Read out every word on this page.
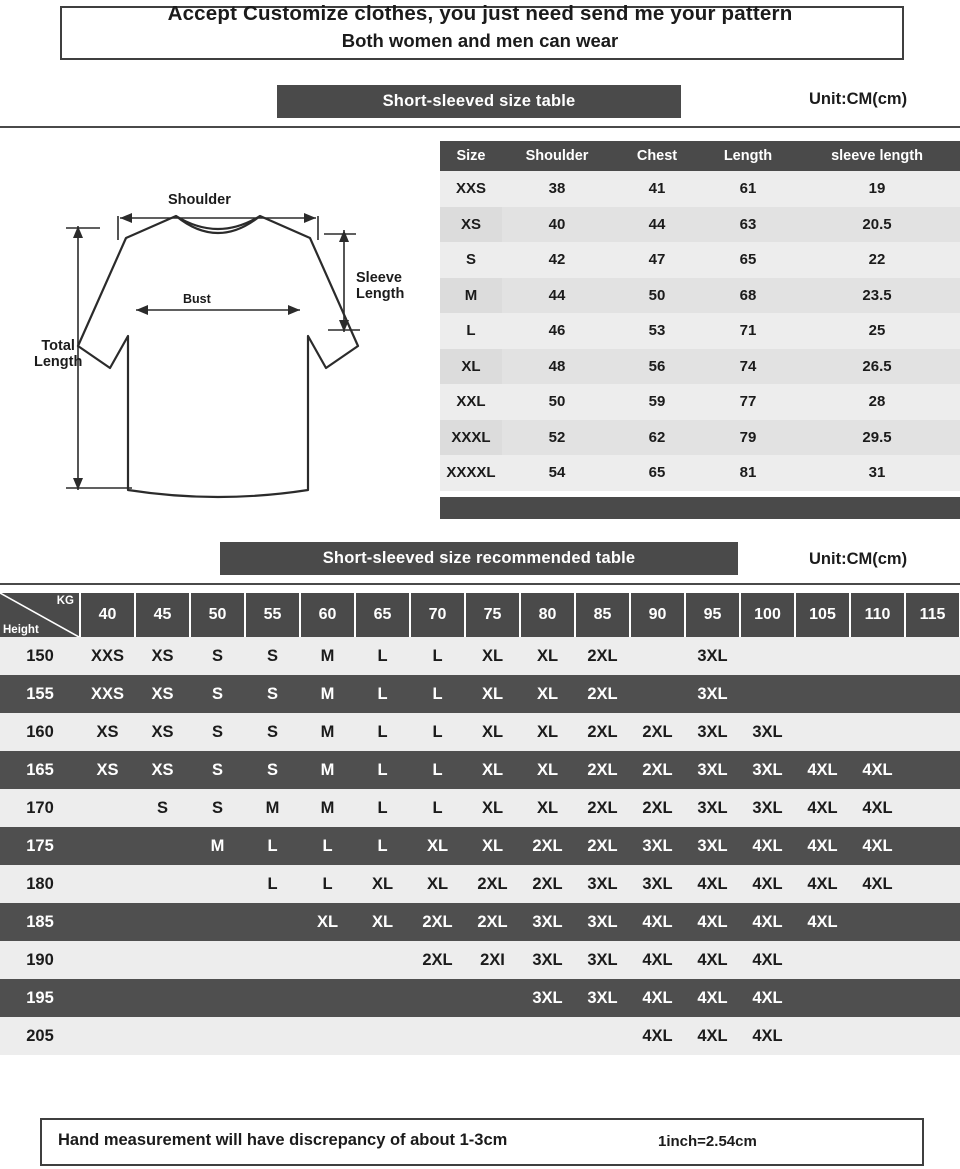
Accept Customize clothes, you just need send me your pattern
Both women and men can wear
Short-sleeved size table	Unit:CM(cm)
Shoulder
Bust
Sleeve
Length
Total
Length
Size	Shoulder	Chest	Length	sleeve length
XXS	38	41	61	19
XS	40	44	63	20.5
S	42	47	65	22
M	44	50	68	23.5
L	46	53	71	25
XL	48	56	74	26.5
XXL	50	59	77	28
XXXL	52	62	79	29.5
XXXXL	54	65	81	31
Short-sleeved size recommended table	Unit:CM(cm)
KG
Height	40	45	50	55	60	65	70	75	80	85	90	95	100	105	110	115
150	XXS	XS	S	S	M	L	L	XL	XL	2XL		3XL				
155	XXS	XS	S	S	M	L	L	XL	XL	2XL		3XL				
160	XS	XS	S	S	M	L	L	XL	XL	2XL	2XL	3XL	3XL			
165	XS	XS	S	S	M	L	L	XL	XL	2XL	2XL	3XL	3XL	4XL	4XL	
170		S	S	M	M	L	L	XL	XL	2XL	2XL	3XL	3XL	4XL	4XL	
175			M	L	L	L	XL	XL	2XL	2XL	3XL	3XL	4XL	4XL	4XL	
180				L	L	XL	XL	2XL	2XL	3XL	3XL	4XL	4XL	4XL	4XL	
185					XL	XL	2XL	2XL	3XL	3XL	4XL	4XL	4XL	4XL		
190							2XL	2XI	3XL	3XL	4XL	4XL	4XL			
195									3XL	3XL	4XL	4XL	4XL			
205											4XL	4XL	4XL			
Hand measurement will have discrepancy of about 1-3cm	1inch=2.54cm
